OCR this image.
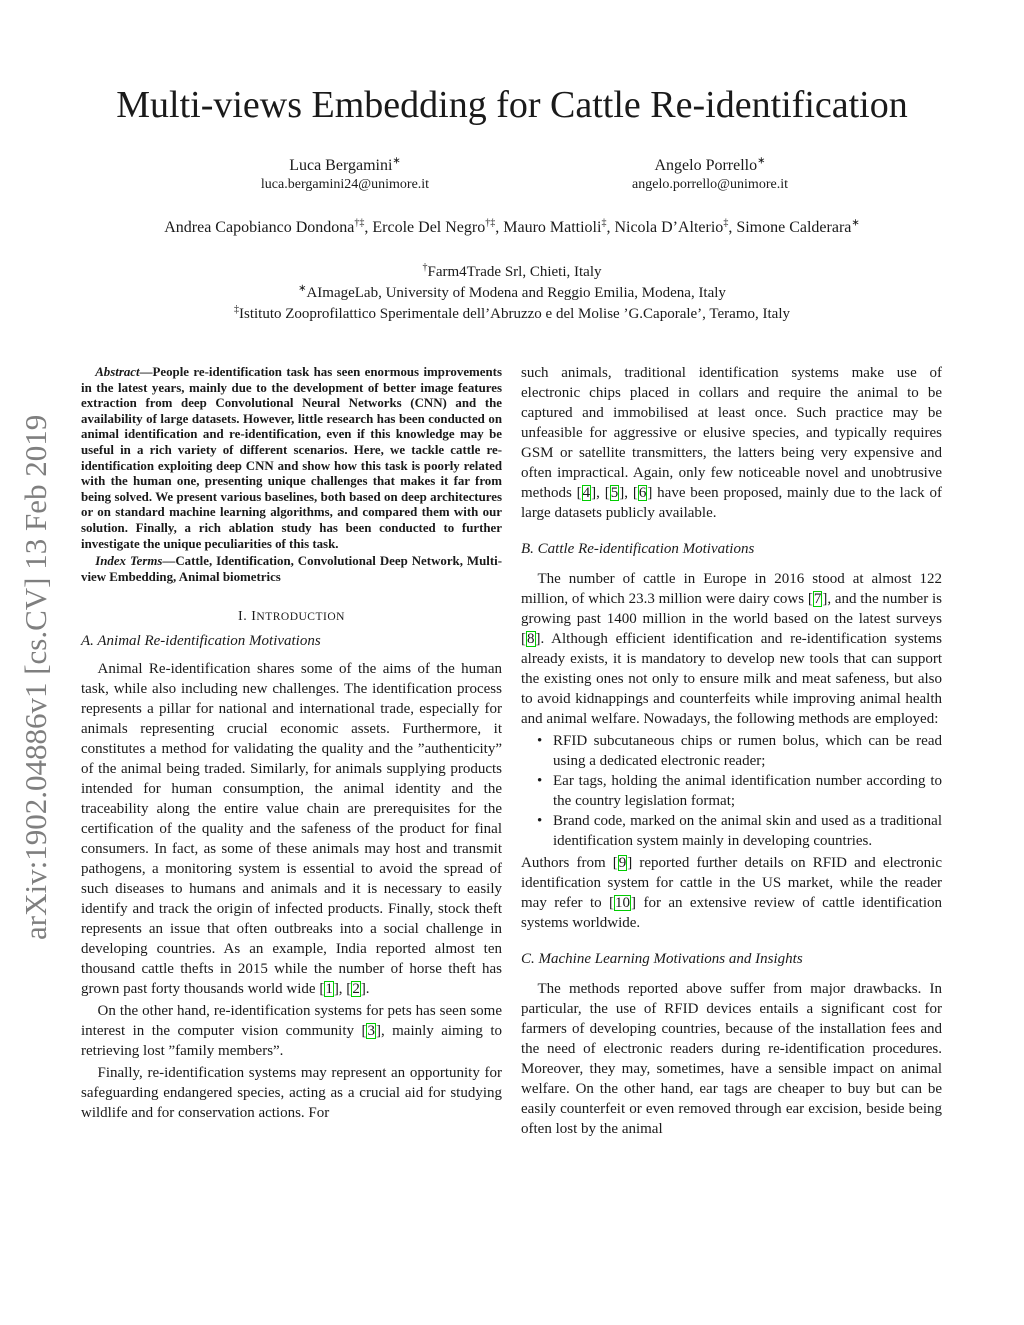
Multi-views Embedding for Cattle Re-identification
Luca Bergamini∗
luca.bergamini24@unimore.it
Angelo Porrello∗
angelo.porrello@unimore.it
Andrea Capobianco Dondona†‡, Ercole Del Negro†‡, Mauro Mattioli‡, Nicola D’Alterio‡, Simone Calderara∗
†Farm4Trade Srl, Chieti, Italy
∗AImageLab, University of Modena and Reggio Emilia, Modena, Italy
‡Istituto Zooprofilattico Sperimentale dell’Abruzzo e del Molise ’G.Caporale’, Teramo, Italy
arXiv:1902.04886v1 [cs.CV] 13 Feb 2019

Abstract—People re-identification task has seen enormous improvements in the latest years, mainly due to the development of better image features extraction from deep Convolutional Neural Networks (CNN) and the availability of large datasets. However, little research has been conducted on animal identification and re-identification, even if this knowledge may be useful in a rich variety of different scenarios. Here, we tackle cattle re-identification exploiting deep CNN and show how this task is poorly related with the human one, presenting unique challenges that makes it far from being solved. We present various baselines, both based on deep architectures or on standard machine learning algorithms, and compared them with our solution. Finally, a rich ablation study has been conducted to further investigate the unique peculiarities of this task.

Index Terms—Cattle, Identification, Convolutional Deep Network, Multi-view Embedding, Animal biometrics

I. INTRODUCTION
A. Animal Re-identification Motivations

Animal Re-identification shares some of the aims of the human task, while also including new challenges. The identification process represents a pillar for national and international trade, especially for animals representing crucial economic assets. Furthermore, it constitutes a method for validating the quality and the ”authenticity” of the animal being traded. Similarly, for animals supplying products intended for human consumption, the animal identity and the traceability along the entire value chain are prerequisites for the certification of the quality and the safeness of the product for final consumers. In fact, as some of these animals may host and transmit pathogens, a monitoring system is essential to avoid the spread of such diseases to humans and animals and it is necessary to easily identify and track the origin of infected products. Finally, stock theft represents an issue that often outbreaks into a social challenge in developing countries. As an example, India reported almost ten thousand cattle thefts in 2015 while the number of horse theft has grown past forty thousands world wide [1], [2].

On the other hand, re-identification systems for pets has seen some interest in the computer vision community [3], mainly aiming to retrieving lost ”family members”.

Finally, re-identification systems may represent an opportunity for safeguarding endangered species, acting as a crucial aid for studying wildlife and for conservation actions. For

such animals, traditional identification systems make use of electronic chips placed in collars and require the animal to be captured and immobilised at least once. Such practice may be unfeasible for aggressive or elusive species, and typically requires GSM or satellite transmitters, the latters being very expensive and often impractical. Again, only few noticeable novel and unobtrusive methods [4], [5], [6] have been proposed, mainly due to the lack of large datasets publicly available.

B. Cattle Re-identification Motivations

The number of cattle in Europe in 2016 stood at almost 122 million, of which 23.3 million were dairy cows [7], and the number is growing past 1400 million in the world based on the latest surveys [8]. Although efficient identification and re-identification systems already exists, it is mandatory to develop new tools that can support the existing ones not only to ensure milk and meat safeness, but also to avoid kidnappings and counterfeits while improving animal health and animal welfare. Nowadays, the following methods are employed:

• RFID subcutaneous chips or rumen bolus, which can be read using a dedicated electronic reader;
• Ear tags, holding the animal identification number according to the country legislation format;
• Brand code, marked on the animal skin and used as a traditional identification system mainly in developing countries.

Authors from [9] reported further details on RFID and electronic identification system for cattle in the US market, while the reader may refer to [10] for an extensive review of cattle identification systems worldwide.

C. Machine Learning Motivations and Insights

The methods reported above suffer from major drawbacks. In particular, the use of RFID devices entails a significant cost for farmers of developing countries, because of the installation fees and the need of electronic readers during re-identification procedures. Moreover, they may, sometimes, have a sensible impact on animal welfare. On the other hand, ear tags are cheaper to buy but can be easily counterfeit or even removed through ear excision, beside being often lost by the animal
